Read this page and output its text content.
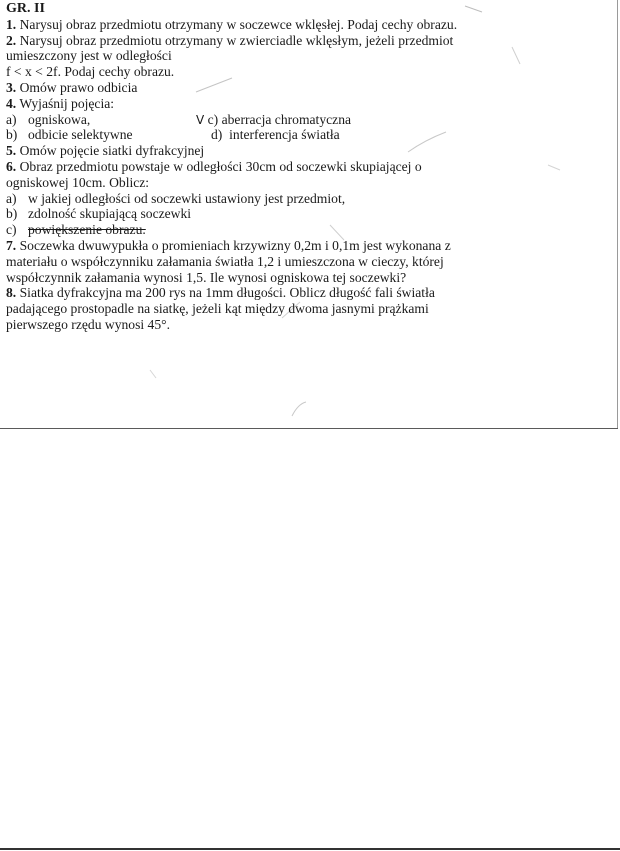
GR. II
1. Narysuj obraz przedmiotu otrzymany w soczewce wklęsłej. Podaj cechy obrazu.
2. Narysuj obraz przedmiotu otrzymany w zwierciadle wklęsłym, jeżeli przedmiot
umieszczony jest w odległości
f < x < 2f. Podaj cechy obrazu.
3. Omów prawo odbicia
4. Wyjaśnij pojęcia:
a) ogniskowa,	V c) aberracja chromatyczna
b) odbicie selektywne	d) interferencja światła
5. Omów pojęcie siatki dyfrakcyjnej
6. Obraz przedmiotu powstaje w odległości 30cm od soczewki skupiającej o
ogniskowej 10cm. Oblicz:
a) w jakiej odległości od soczewki ustawiony jest przedmiot,
b) zdolność skupiającą soczewki
c) powiększenie obrazu.
7. Soczewka dwuwypukła o promieniach krzywizny 0,2m i 0,1m jest wykonana z
materiału o współczynniku załamania światła 1,2 i umieszczona w cieczy, której
współczynnik załamania wynosi 1,5. Ile wynosi ogniskowa tej soczewki?
8. Siatka dyfrakcyjna ma 200 rys na 1mm długości. Oblicz długość fali światła
padającego prostopadle na siatkę, jeżeli kąt między dwoma jasnymi prążkami
pierwszego rzędu wynosi 45°.
